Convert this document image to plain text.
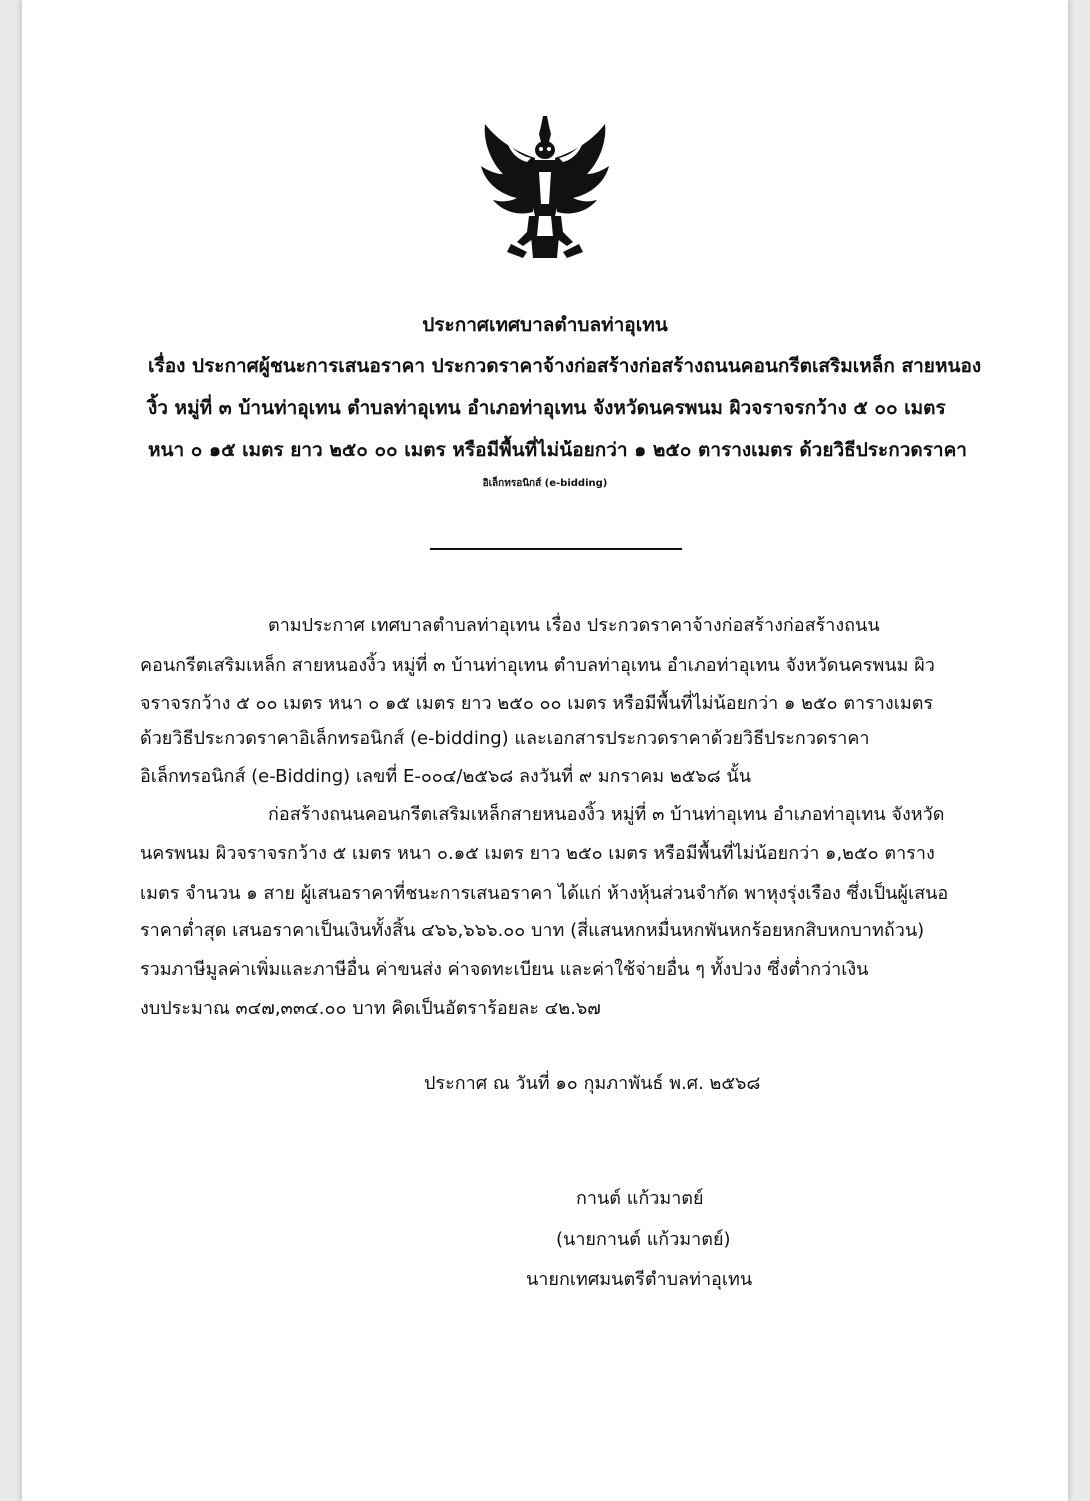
ประกาศเทศบาลตำบลท่าอุเทน
เรื่อง ประกาศผู้ชนะการเสนอราคา ประกวดราคาจ้างก่อสร้างก่อสร้างถนนคอนกรีตเสริมเหล็ก สายหนอง
งิ้ว หมู่ที่ ๓ บ้านท่าอุเทน ตำบลท่าอุเทน อำเภอท่าอุเทน จังหวัดนครพนม ผิวจราจรกว้าง ๕ ๐๐ เมตร
หนา ๐ ๑๕ เมตร ยาว ๒๕๐ ๐๐ เมตร หรือมีพื้นที่ไม่น้อยกว่า ๑ ๒๕๐ ตารางเมตร ด้วยวิธีประกวดราคา
อิเล็กทรอนิกส์ (e-bidding)
ตามประกาศ เทศบาลตำบลท่าอุเทน เรื่อง ประกวดราคาจ้างก่อสร้างก่อสร้างถนน
คอนกรีตเสริมเหล็ก สายหนองงิ้ว หมู่ที่ ๓ บ้านท่าอุเทน ตำบลท่าอุเทน อำเภอท่าอุเทน จังหวัดนครพนม ผิว
จราจรกว้าง ๕ ๐๐ เมตร หนา ๐ ๑๕ เมตร ยาว ๒๕๐ ๐๐ เมตร หรือมีพื้นที่ไม่น้อยกว่า ๑ ๒๕๐ ตารางเมตร
ด้วยวิธีประกวดราคาอิเล็กทรอนิกส์ (e-bidding) และเอกสารประกวดราคาด้วยวิธีประกวดราคา
อิเล็กทรอนิกส์ (e-Bidding) เลขที่ E-๐๐๔/๒๕๖๘ ลงวันที่ ๙ มกราคม ๒๕๖๘ นั้น
ก่อสร้างถนนคอนกรีตเสริมเหล็กสายหนองงิ้ว หมู่ที่ ๓ บ้านท่าอุเทน อำเภอท่าอุเทน จังหวัด
นครพนม ผิวจราจรกว้าง ๕ เมตร หนา ๐.๑๕ เมตร ยาว ๒๕๐ เมตร หรือมีพื้นที่ไม่น้อยกว่า ๑,๒๕๐ ตาราง
เมตร จำนวน ๑ สาย ผู้เสนอราคาที่ชนะการเสนอราคา ได้แก่ ห้างหุ้นส่วนจำกัด พาหุงรุ่งเรือง ซึ่งเป็นผู้เสนอ
ราคาต่ำสุด เสนอราคาเป็นเงินทั้งสิ้น ๔๖๖,๖๖๖.๐๐ บาท (สี่แสนหกหมื่นหกพันหกร้อยหกสิบหกบาทถ้วน)
รวมภาษีมูลค่าเพิ่มและภาษีอื่น ค่าขนส่ง ค่าจดทะเบียน และค่าใช้จ่ายอื่น ๆ ทั้งปวง ซึ่งต่ำกว่าเงิน
งบประมาณ ๓๔๗,๓๓๔.๐๐ บาท คิดเป็นอัตราร้อยละ ๔๒.๖๗
ประกาศ ณ วันที่ ๑๐ กุมภาพันธ์ พ.ศ. ๒๕๖๘
กานต์ แก้วมาตย์
(นายกานต์ แก้วมาตย์)
นายกเทศมนตรีตำบลท่าอุเทน
